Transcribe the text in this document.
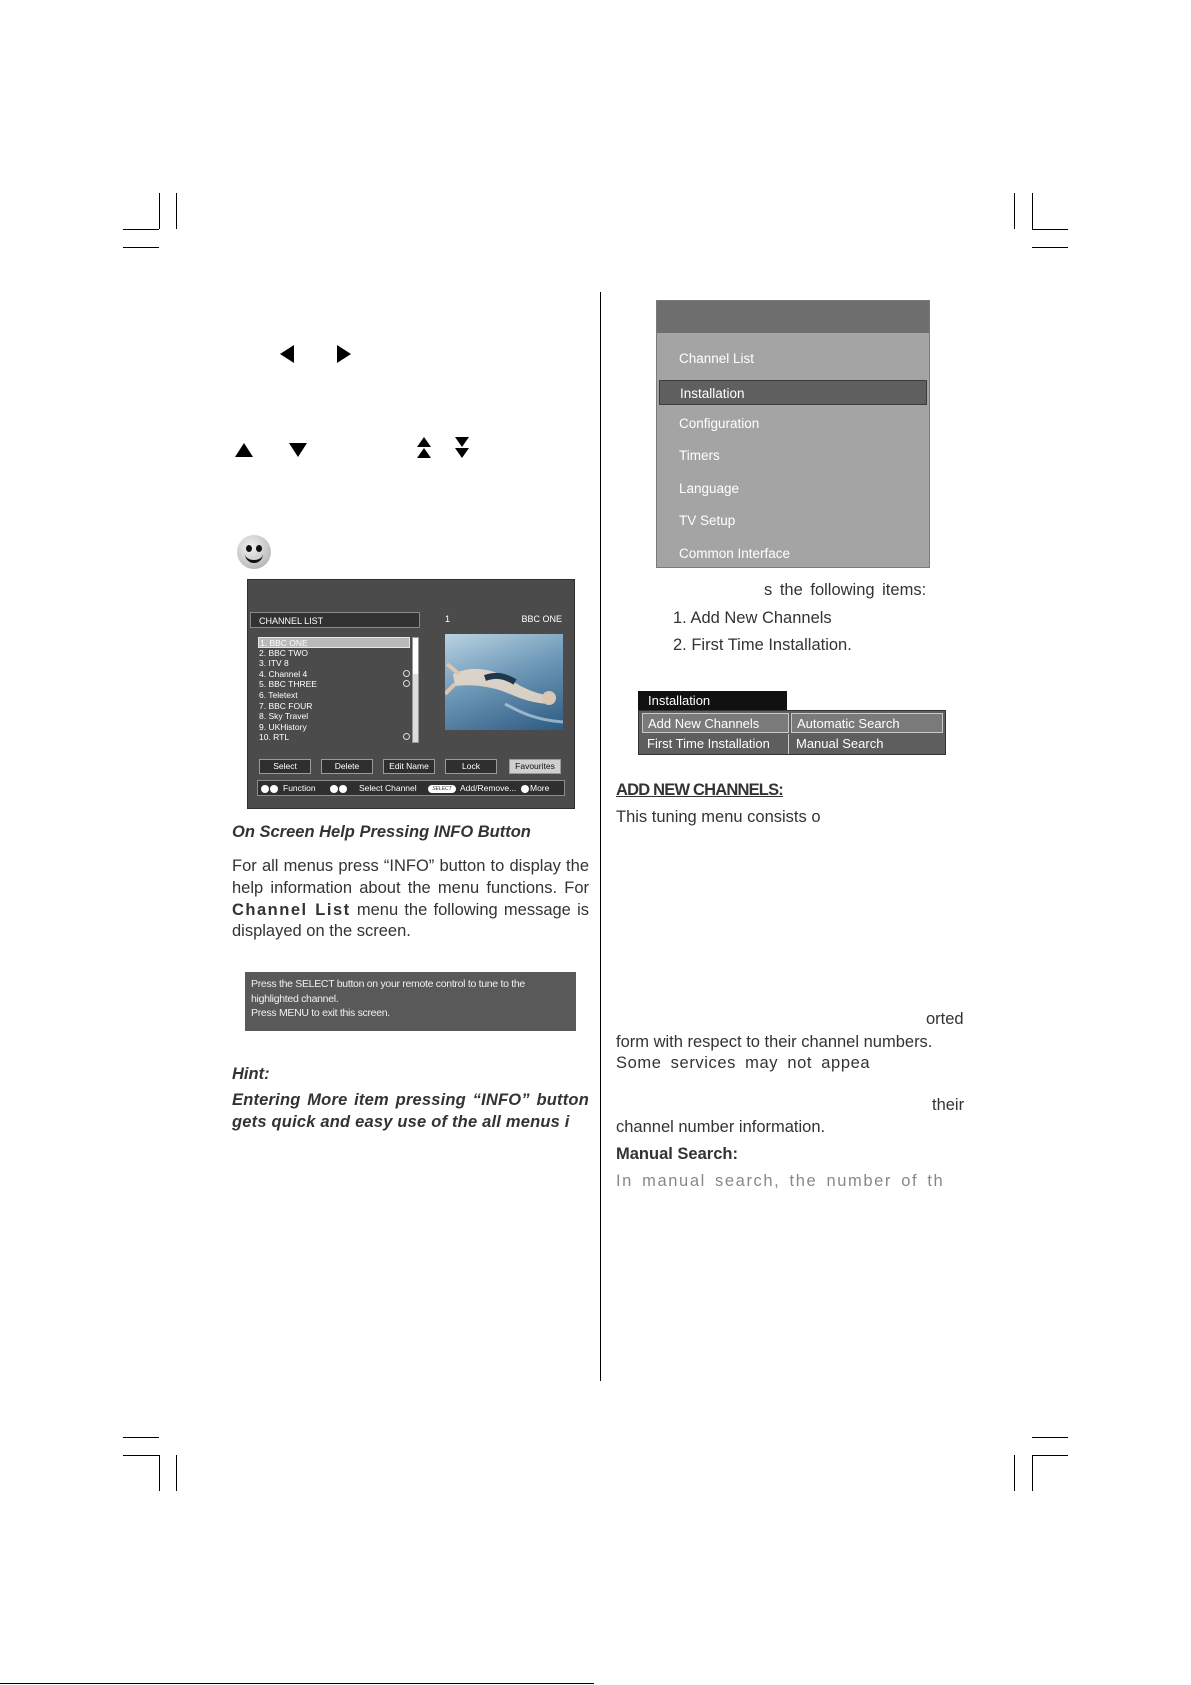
CHANNEL LIST	1	BBC ONE
1. BBC ONE
2. BBC TWO
3. ITV 8
4. Channel 4
5. BBC THREE
6. Teletext
7. BBC FOUR
8. Sky Travel
9. UKHistory
10. RTL
Select	Delete	Edit Name	Lock	Favourites
Function	Select Channel	SELECT Add/Remove... More
On Screen Help Pressing INFO Button
For all menus press “INFO” button to display the help information about the menu functions. For Channel List menu the following message is displayed on the screen.
Press the SELECT button on your remote control to tune to the highlighted channel.
Press MENU to exit this screen.
Hint:
Entering More item pressing “INFO” button gets quick and easy use of the all menus i
Channel List
Installation
Configuration
Timers
Language
TV Setup
Common Interface
s the following items:
1. Add New Channels
2. First Time Installation.
Installation
Add New Channels	Automatic Search
First Time Installation	Manual Search
ADD NEW CHANNELS:
This tuning menu consists o
orted
form with respect to their channel numbers.
Some services may not appea
their
channel number information.
Manual Search:
In manual search, the number of th
